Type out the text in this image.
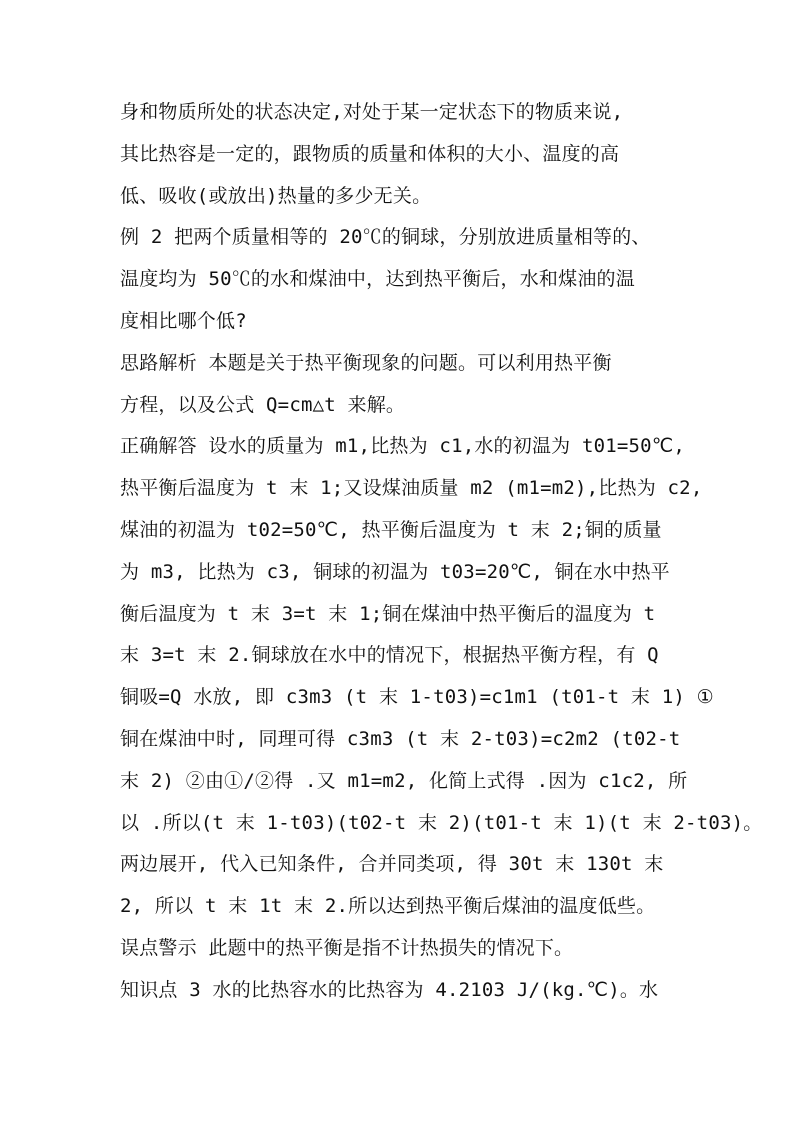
身和物质所处的状态决定,对处于某一定状态下的物质来说,
其比热容是一定的，跟物质的质量和体积的大小、温度的高
低、吸收(或放出)热量的多少无关。
例 2 把两个质量相等的 20℃的铜球，分别放进质量相等的、
温度均为 50℃的水和煤油中，达到热平衡后，水和煤油的温
度相比哪个低?
思路解析 本题是关于热平衡现象的问题。可以利用热平衡
方程，以及公式 Q=cm△t 来解。
正确解答 设水的质量为 m1,比热为 c1,水的初温为 t01=50℃,
热平衡后温度为 t 末 1;又设煤油质量 m2 (m1=m2),比热为 c2,
煤油的初温为 t02=50℃, 热平衡后温度为 t 末 2;铜的质量
为 m3, 比热为 c3, 铜球的初温为 t03=20℃, 铜在水中热平
衡后温度为 t 末 3=t 末 1;铜在煤油中热平衡后的温度为 t
末 3=t 末 2.铜球放在水中的情况下，根据热平衡方程，有 Q
铜吸=Q 水放, 即 c3m3 (t 末 1-t03)=c1m1 (t01-t 末 1) ①
铜在煤油中时, 同理可得 c3m3 (t 末 2-t03)=c2m2 (t02-t
末 2) ②由①/②得 .又 m1=m2, 化简上式得 .因为 c1c2, 所
以 .所以(t 末 1-t03)(t02-t 末 2)(t01-t 末 1)(t 末 2-t03)。
两边展开, 代入已知条件, 合并同类项, 得 30t 末 130t 末
2, 所以 t 末 1t 末 2.所以达到热平衡后煤油的温度低些。
误点警示 此题中的热平衡是指不计热损失的情况下。
知识点 3 水的比热容水的比热容为 4.2103 J/(kg.℃)。水
